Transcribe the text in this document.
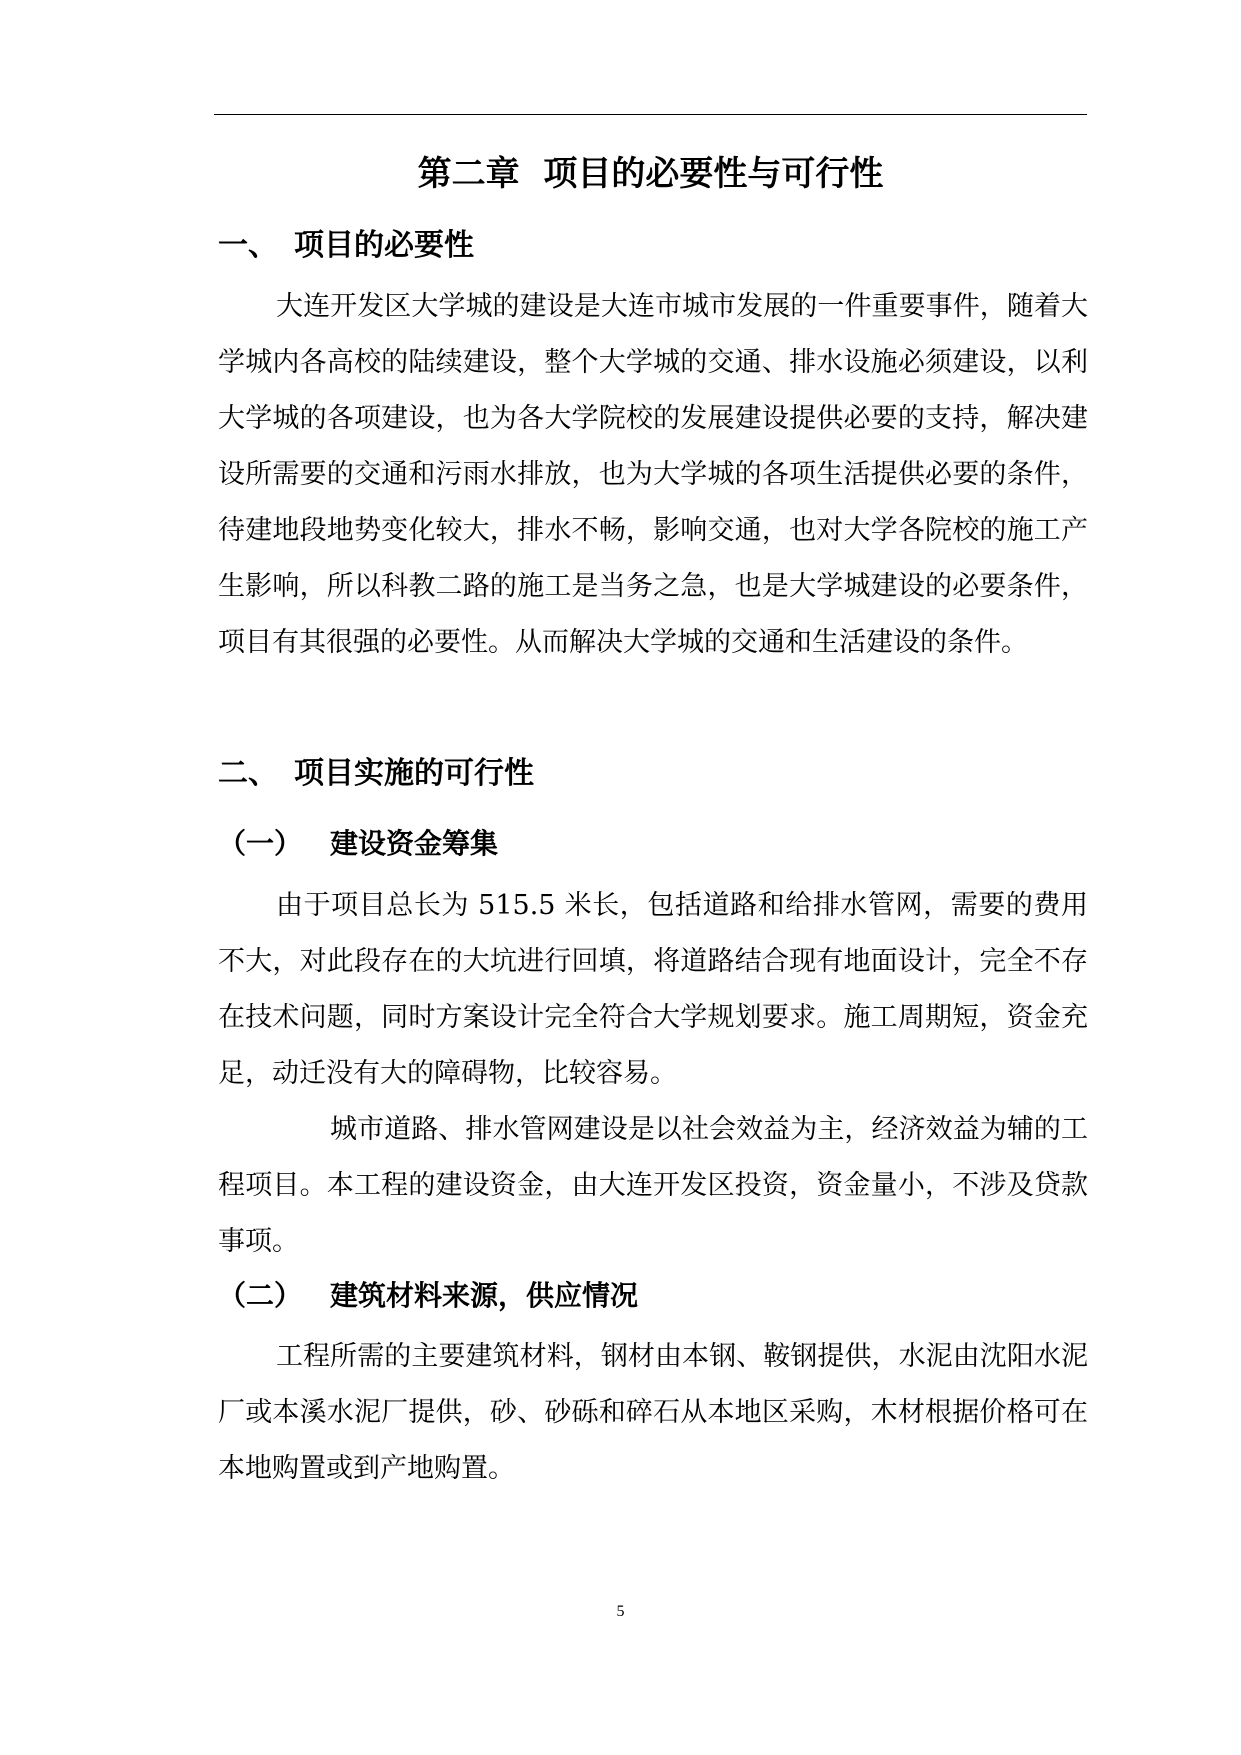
第二章  项目的必要性与可行性
一、 项目的必要性

大连开发区大学城的建设是大连市城市发展的一件重要事件，随着大学城内各高校的陆续建设，整个大学城的交通、排水设施必须建设，以利大学城的各项建设，也为各大学院校的发展建设提供必要的支持，解决建设所需要的交通和污雨水排放，也为大学城的各项生活提供必要的条件，待建地段地势变化较大，排水不畅，影响交通，也对大学各院校的施工产生影响，所以科教二路的施工是当务之急，也是大学城建设的必要条件，项目有其很强的必要性。从而解决大学城的交通和生活建设的条件。

二、 项目实施的可行性
（一） 建设资金筹集

由于项目总长为 515.5 米长，包括道路和给排水管网，需要的费用不大，对此段存在的大坑进行回填，将道路结合现有地面设计，完全不存在技术问题，同时方案设计完全符合大学规划要求。施工周期短，资金充足，动迁没有大的障碍物，比较容易。

城市道路、排水管网建设是以社会效益为主，经济效益为辅的工程项目。本工程的建设资金，由大连开发区投资，资金量小，不涉及贷款事项。

（二） 建筑材料来源，供应情况

工程所需的主要建筑材料，钢材由本钢、鞍钢提供，水泥由沈阳水泥厂或本溪水泥厂提供，砂、砂砾和碎石从本地区采购，木材根据价格可在本地购置或到产地购置。

5
